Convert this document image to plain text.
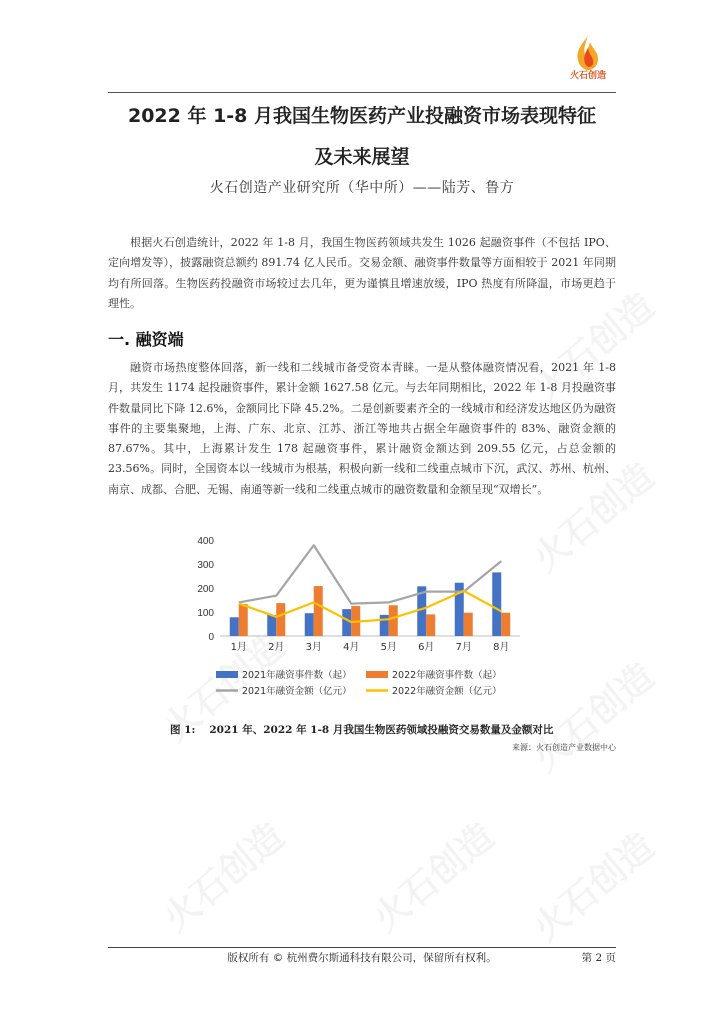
火石创造
2022 年 1-8 月我国生物医药产业投融资市场表现特征
及未来展望
火石创造产业研究所（华中所）——陆芳、鲁方
根据火石创造统计，2022 年 1-8 月，我国生物医药领域共发生 1026 起融资事件（不包括 IPO、定向增发等），披露融资总额约 891.74 亿人民币。交易金额、融资事件数量等方面相较于 2021 年同期均有所回落。生物医药投融资市场较过去几年，更为谨慎且增速放缓，IPO 热度有所降温，市场更趋于理性。
一. 融资端
融资市场热度整体回落，新一线和二线城市备受资本青睐。一是从整体融资情况看，2021 年 1-8 月，共发生 1174 起投融资事件，累计金额 1627.58 亿元。与去年同期相比，2022 年 1-8 月投融资事件数量同比下降 12.6%，金额同比下降 45.2%。二是创新要素齐全的一线城市和经济发达地区仍为融资事件的主要集聚地，上海、广东、北京、江苏、浙江等地共占据全年融资事件的 83%、融资金额的 87.67%。其中，上海累计发生 178 起融资事件，累计融资金额达到 209.55 亿元，占总金额的 23.56%。同时，全国资本以一线城市为根基，积极向新一线和二线重点城市下沉，武汉、苏州、杭州、南京、成都、合肥、无锡、南通等新一线和二线重点城市的融资数量和金额呈现“双增长”。
0
100
200
300
400
1月 2月 3月 4月 5月 6月 7月 8月
2021年融资事件数（起）	2022年融资事件数（起）
2021年融资金额（亿元）	2022年融资金额（亿元）
图 1: 2021 年、2022 年 1-8 月我国生物医药领域投融资交易数量及金额对比
来源：火石创造产业数据中心
版权所有 © 杭州费尔斯通科技有限公司，保留所有权利。	第 2 页
